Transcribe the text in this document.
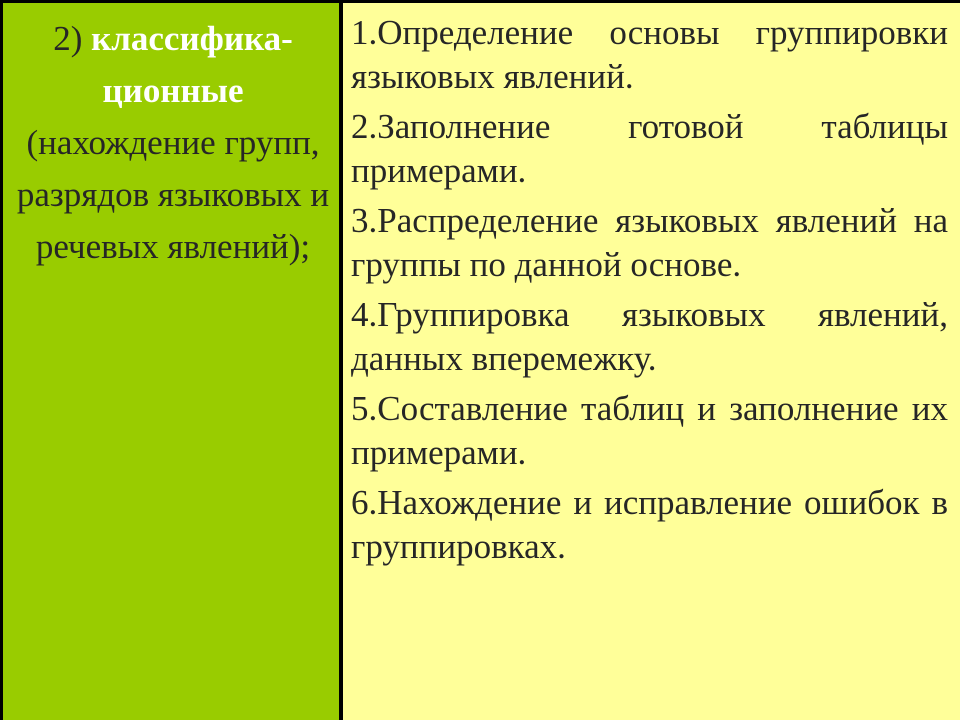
2) классифика-ционные
(нахождение групп, разрядов языковых и речевых явлений);
1.Определение основы группировки языковых явлений.
2.Заполнение готовой таблицы примерами.
3.Распределение языковых явлений на группы по данной основе.
4.Группировка языковых явлений, данных вперемежку.
5.Составление таблиц и заполнение их примерами.
6.Нахождение и исправление ошибок в группировках.
